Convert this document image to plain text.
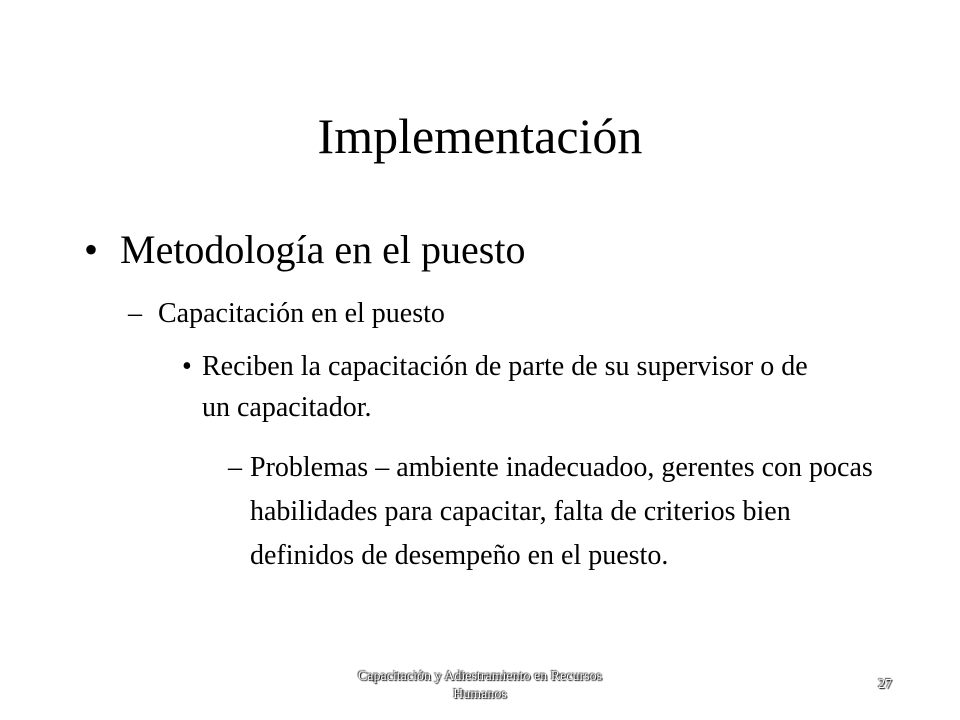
Implementación
• Metodología en el puesto
– Capacitación en el puesto
• Reciben la capacitación de parte de su supervisor o de un capacitador.
– Problemas – ambiente inadecuadoo, gerentes con pocas habilidades para capacitar, falta de criterios bien definidos de desempeño en el puesto.
Capacitación y Adiestramiento en Recursos
Humanos
27
